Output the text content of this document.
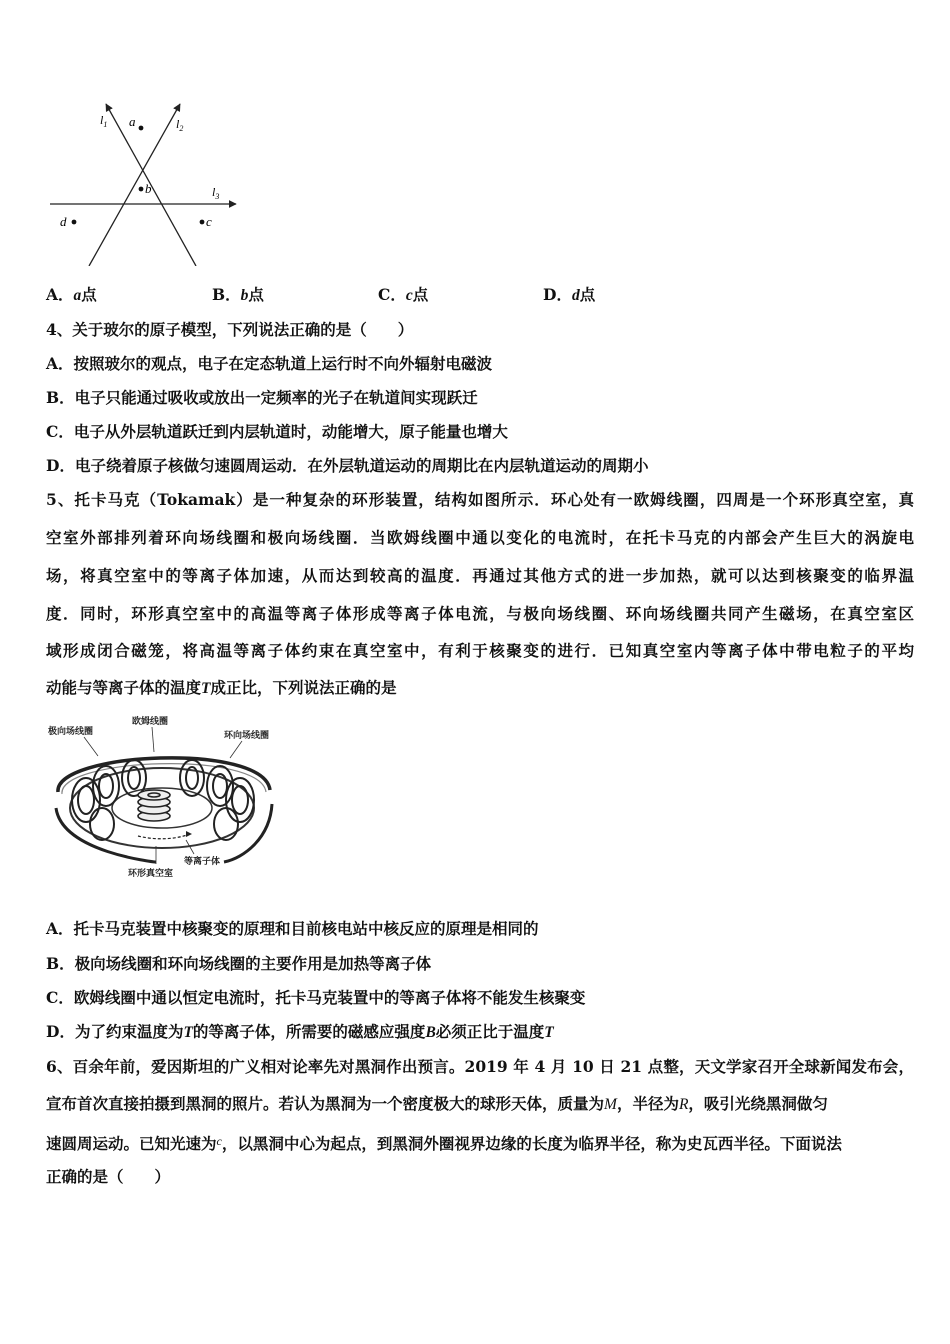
$l_1$	$l_2$
$l_3$
a
b
c
d
A．a点	B．b点	C．c点	D．d点
4、关于玻尔的原子模型，下列说法正确的是（　　）
A．按照玻尔的观点，电子在定态轨道上运行时不向外辐射电磁波
B．电子只能通过吸收或放出一定频率的光子在轨道间实现跃迁
C．电子从外层轨道跃迁到内层轨道时，动能增大，原子能量也增大
D．电子绕着原子核做匀速圆周运动．在外层轨道运动的周期比在内层轨道运动的周期小
5、托卡马克（Tokamak）是一种复杂的环形装置，结构如图所示．环心处有一欧姆线圈，四周是一个环形真空室，真
空室外部排列着环向场线圈和极向场线圈．当欧姆线圈中通以变化的电流时，在托卡马克的内部会产生巨大的涡旋电
场，将真空室中的等离子体加速，从而达到较高的温度．再通过其他方式的进一步加热，就可以达到核聚变的临界温
度．同时，环形真空室中的高温等离子体形成等离子体电流，与极向场线圈、环向场线圈共同产生磁场，在真空室区
域形成闭合磁笼，将高温等离子体约束在真空室中，有利于核聚变的进行．已知真空室内等离子体中带电粒子的平均
动能与等离子体的温度T成正比，下列说法正确的是
极向场线圈
欧姆线圈
环向场线圈
等离子体
环形真空室
A．托卡马克装置中核聚变的原理和目前核电站中核反应的原理是相同的
B．极向场线圈和环向场线圈的主要作用是加热等离子体
C．欧姆线圈中通以恒定电流时，托卡马克装置中的等离子体将不能发生核聚变
D．为了约束温度为T的等离子体，所需要的磁感应强度B必须正比于温度T
6、百余年前，爱因斯坦的广义相对论率先对黑洞作出预言。2019 年 4 月 10 日 21 点整，天文学家召开全球新闻发布会，
宣布首次直接拍摄到黑洞的照片。若认为黑洞为一个密度极大的球形天体，质量为M，半径为R，吸引光绕黑洞做匀
速圆周运动。已知光速为$^c$，以黑洞中心为起点，到黑洞外圈视界边缘的长度为临界半径，称为史瓦西半径。下面说法
正确的是（　　）
